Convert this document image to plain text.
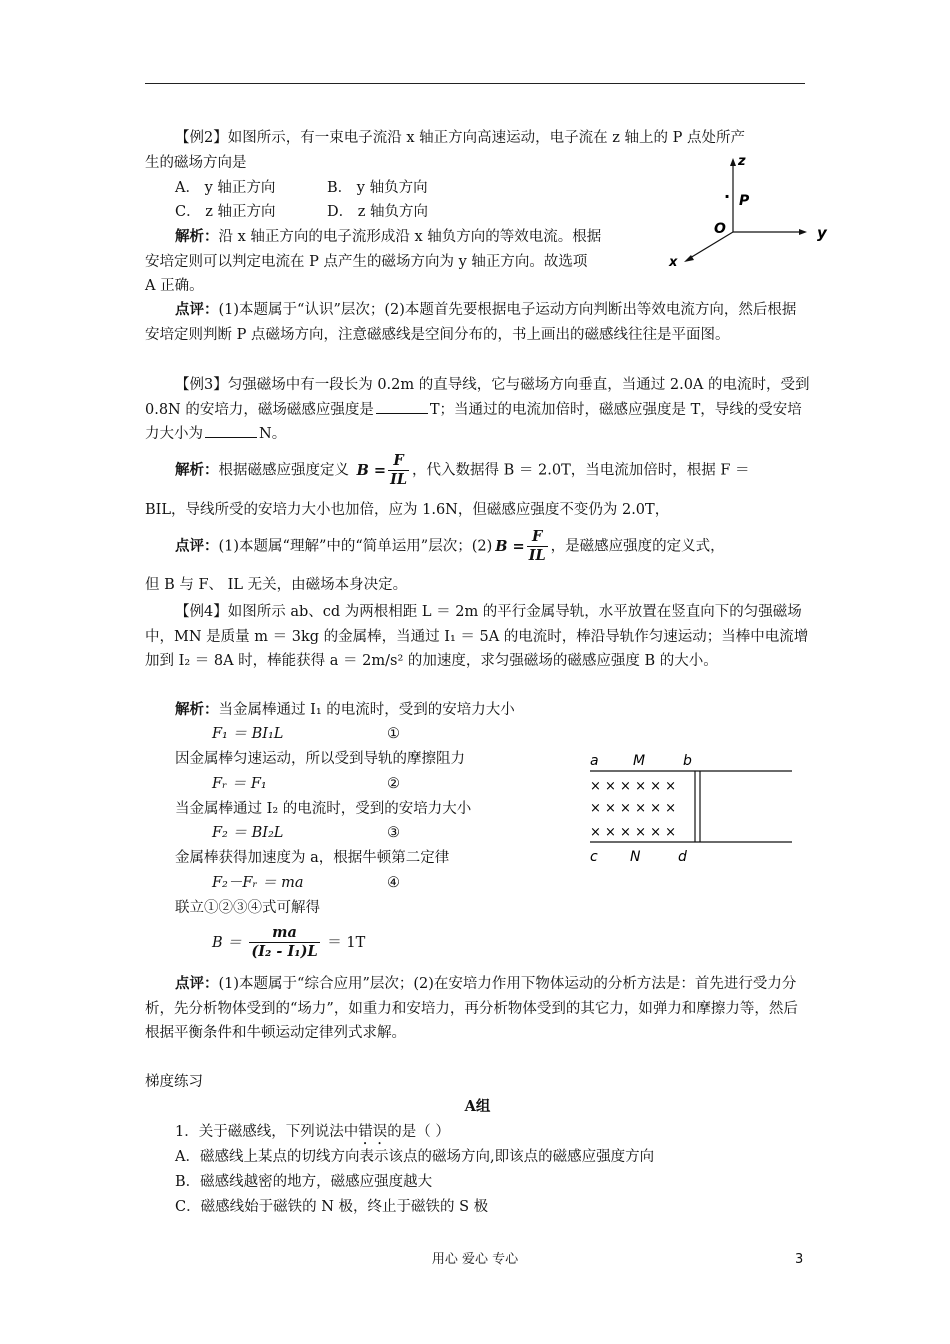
【例2】如图所示，有一束电子流沿 x 轴正方向高速运动，电子流在 z 轴上的 P 点处所产
生的磁场方向是
A． y 轴正方向	B． y 轴负方向
C． z 轴正方向	D． z 轴负方向
解析：沿 x 轴正方向的电子流形成沿 x 轴负方向的等效电流。根据
安培定则可以判定电流在 P 点产生的磁场方向为 y 轴正方向。故选项
A 正确。
点评：(1)本题属于“认识”层次；(2)本题首先要根据电子运动方向判断出等效电流方向，然后根据安培定则判断 P 点磁场方向，注意磁感线是空间分布的，书上画出的磁感线往往是平面图。
z
y
x
O
· P
【例3】匀强磁场中有一段长为 0.2m 的直导线，它与磁场方向垂直，当通过 2.0A 的电流时，受到 0.8N 的安培力，磁场磁感应强度是	T；当通过的电流加倍时，磁感应强度是 T，导线的受安培力大小为	N。
解析：根据磁感应强度定义 $B = \frac{F}{IL}$ ，代入数据得 B ＝ 2.0T，当电流加倍时，根据 F ＝
BIL，导线所受的安培力大小也加倍，应为 1.6N，但磁感应强度不变仍为 2.0T，
点评：(1)本题属“理解”中的“简单运用”层次；(2) $B = \frac{F}{IL}$ ，是磁感应强度的定义式，
但 B 与 F、 IL 无关，由磁场本身决定。
【例4】如图所示 ab、cd 为两根相距 L ＝ 2m 的平行金属导轨，水平放置在竖直向下的匀强磁场中，MN 是质量 m ＝ 3kg 的金属棒，当通过 I₁ ＝ 5A 的电流时，棒沿导轨作匀速运动；当棒中电流增加到 I₂ ＝ 8A 时，棒能获得 a ＝ 2m/s² 的加速度，求匀强磁场的磁感应强度 B 的大小。
解析：当金属棒通过 I₁ 的电流时，受到的安培力大小
F₁ ＝ BI₁L	①
因金属棒匀速运动，所以受到导轨的摩擦阻力
Fᵣ ＝ F₁	②
当金属棒通过 I₂ 的电流时，受到的安培力大小
F₂ ＝ BI₂L	③
金属棒获得加速度为 a，根据牛顿第二定律
F₂－Fᵣ ＝ ma	④
联立①②③④式可解得
$B = \frac{ma}{\text{(I₂ - I₁)L}} = 1T$
点评：(1)本题属于“综合应用”层次；(2)在安培力作用下物体运动的分析方法是：首先进行受力分析，先分析物体受到的“场力”，如重力和安培力，再分析物体受到的其它力，如弹力和摩擦力等，然后根据平衡条件和牛顿运动定律列式求解。
a M	b
× × × × × ×
× × × × × ×
× × × × × ×
c N	d
梯度练习
A组
1．关于磁感线，下列说法中错误的是（ ）
A．磁感线上某点的切线方向表示该点的磁场方向,即该点的磁感应强度方向
B．磁感线越密的地方，磁感应强度越大
C．磁感线始于磁铁的 N 极，终止于磁铁的 S 极
用心 爱心 专心	3
